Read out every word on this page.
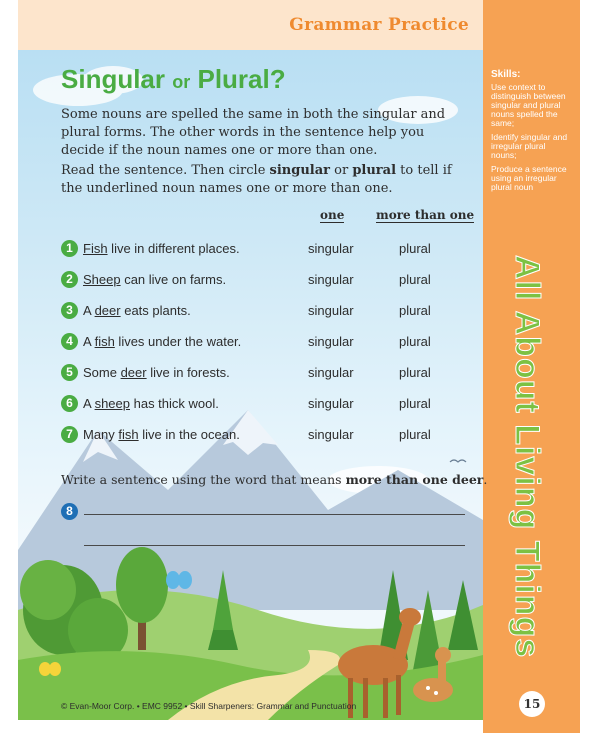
Grammar Practice
Skills:
Use context to distinguish between singular and plural nouns spelled the same;
Identify singular and irregular plural nouns;
Produce a sentence using an irregular plural noun
All About Living Things
15
Singular or Plural?
Some nouns are spelled the same in both the singular and plural forms. The other words in the sentence help you decide if the noun names one or more than one.
Read the sentence. Then circle singular or plural to tell if the underlined noun names one or more than one.
one	more than one
1 Fish live in different places.	singular	plural
2 Sheep can live on farms.	singular	plural
3 A deer eats plants.	singular	plural
4 A fish lives under the water.	singular	plural
5 Some deer live in forests.	singular	plural
6 A sheep has thick wool.	singular	plural
7 Many fish live in the ocean.	singular	plural
Write a sentence using the word that means more than one deer.
8
© Evan-Moor Corp. • EMC 9952 • Skill Sharpeners: Grammar and Punctuation
